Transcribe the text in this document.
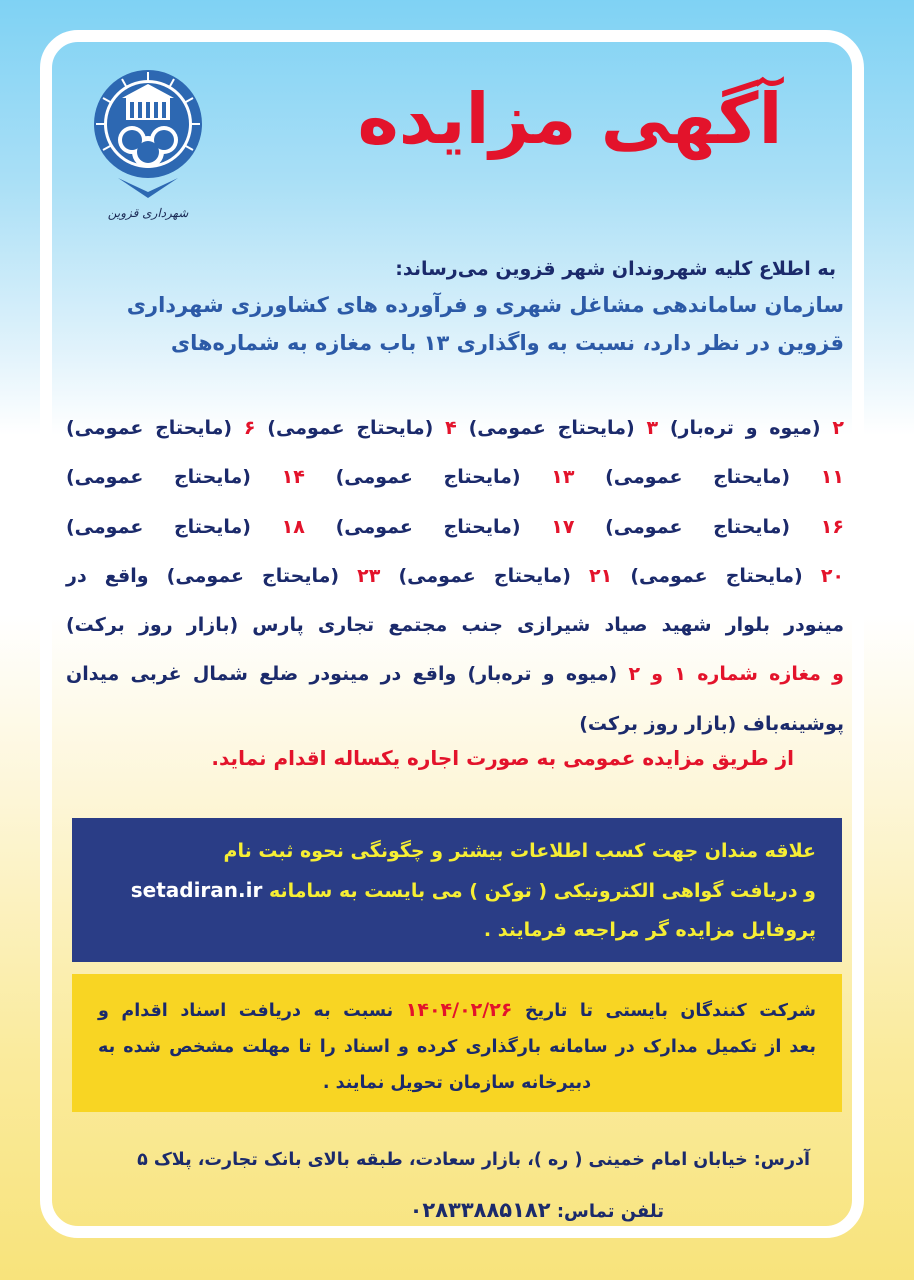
شهرداری قزوین
آگهی مزایده
به اطلاع کلیه شهروندان شهر قزوین می‌رساند:
سازمان ساماندهی مشاغل شهری و فرآورده های کشاورزی شهرداری
قزوین در نظر دارد، نسبت به واگذاری ۱۳ باب مغازه به شماره‌های
۲ (میوه و تره‌بار) ۳ (مایحتاج عمومی) ۴ (مایحتاج عمومی) ۶ (مایحتاج عمومی)
۱۱ (مایحتاج عمومی) ۱۳ (مایحتاج عمومی) ۱۴ (مایحتاج عمومی)
۱۶ (مایحتاج عمومی) ۱۷ (مایحتاج عمومی) ۱۸ (مایحتاج عمومی)
۲۰ (مایحتاج عمومی) ۲۱ (مایحتاج عمومی) ۲۳ (مایحتاج عمومی) واقع در
مینودر بلوار شهید صیاد شیرازی جنب مجتمع تجاری پارس (بازار روز برکت)
و مغازه شماره ۱ و ۲ (میوه و تره‌بار) واقع در مینودر ضلع شمال غربی میدان
پوشینه‌باف (بازار روز برکت)
از طریق مزایده عمومی به صورت اجاره یکساله اقدام نماید.
علاقه مندان جهت کسب اطلاعات بیشتر و چگونگی نحوه ثبت نام
و دریافت گواهی الکترونیکی ( توکن ) می بایست به سامانه setadiran.ir
پروفایل مزایده گر مراجعه فرمایند .
شرکت کنندگان بایستی تا تاریخ ۱۴۰۴/۰۲/۲۶ نسبت به دریافت اسناد اقدام و
بعد از تکمیل مدارک در سامانه بارگذاری کرده و اسناد را تا مهلت مشخص شده به
دبیرخانه سازمان تحویل نمایند .
آدرس: خیابان امام خمینی ( ره )، بازار سعادت، طبقه بالای بانک تجارت، پلاک ۵
تلفن تماس: ۰۲۸۳۳۸۸۵۱۸۲
